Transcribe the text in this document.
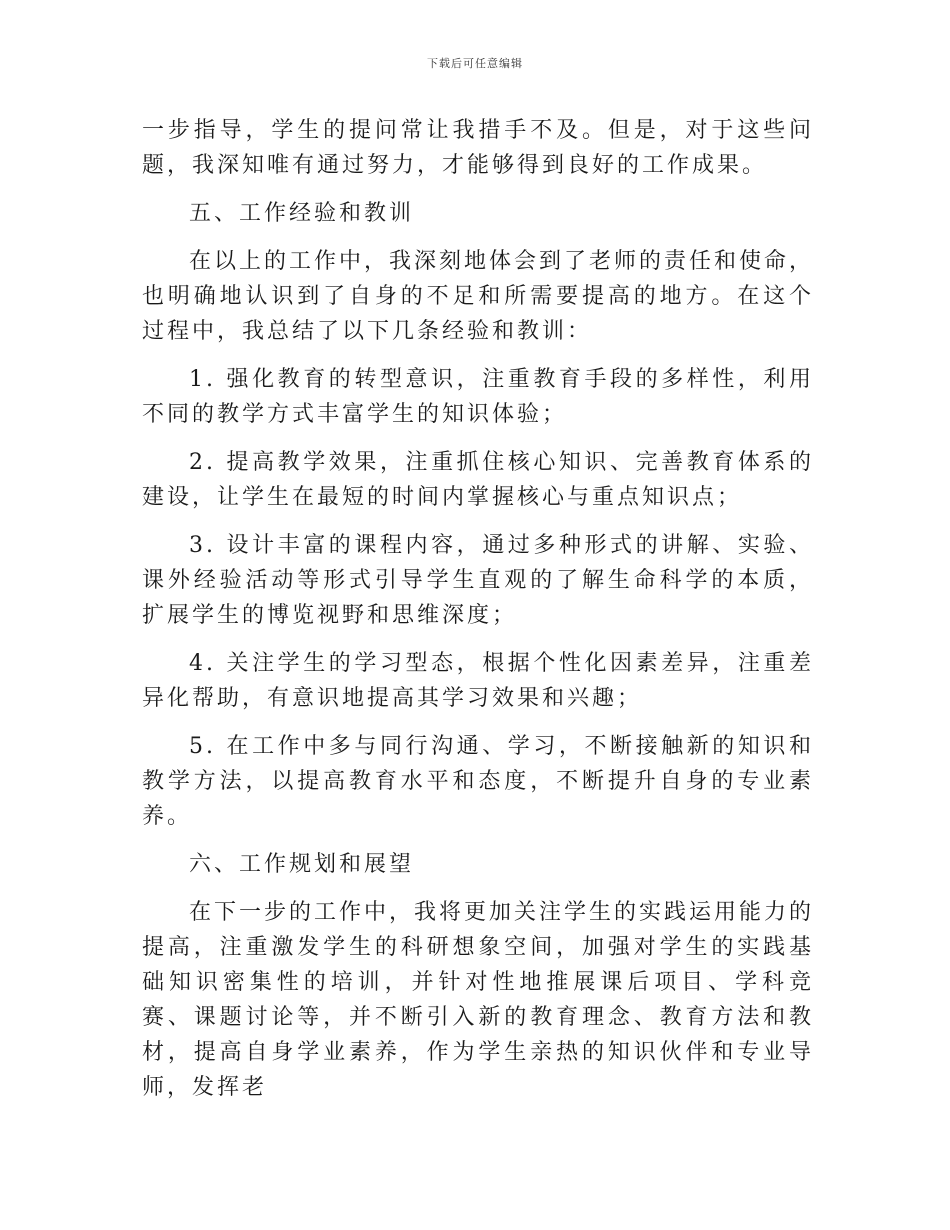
下载后可任意编辑

一步指导，学生的提问常让我措手不及。但是，对于这些问题，我深知唯有通过努力，才能够得到良好的工作成果。

五、工作经验和教训

在以上的工作中，我深刻地体会到了老师的责任和使命，也明确地认识到了自身的不足和所需要提高的地方。在这个过程中，我总结了以下几条经验和教训：

1. 强化教育的转型意识，注重教育手段的多样性，利用不同的教学方式丰富学生的知识体验；

2. 提高教学效果，注重抓住核心知识、完善教育体系的建设，让学生在最短的时间内掌握核心与重点知识点；

3. 设计丰富的课程内容，通过多种形式的讲解、实验、课外经验活动等形式引导学生直观的了解生命科学的本质，扩展学生的博览视野和思维深度；

4. 关注学生的学习型态，根据个性化因素差异，注重差异化帮助，有意识地提高其学习效果和兴趣；

5. 在工作中多与同行沟通、学习，不断接触新的知识和教学方法，以提高教育水平和态度，不断提升自身的专业素养。

六、工作规划和展望

在下一步的工作中，我将更加关注学生的实践运用能力的提高，注重激发学生的科研想象空间，加强对学生的实践基础知识密集性的培训，并针对性地推展课后项目、学科竞赛、课题讨论等，并不断引入新的教育理念、教育方法和教材，提高自身学业素养，作为学生亲热的知识伙伴和专业导师，发挥老
